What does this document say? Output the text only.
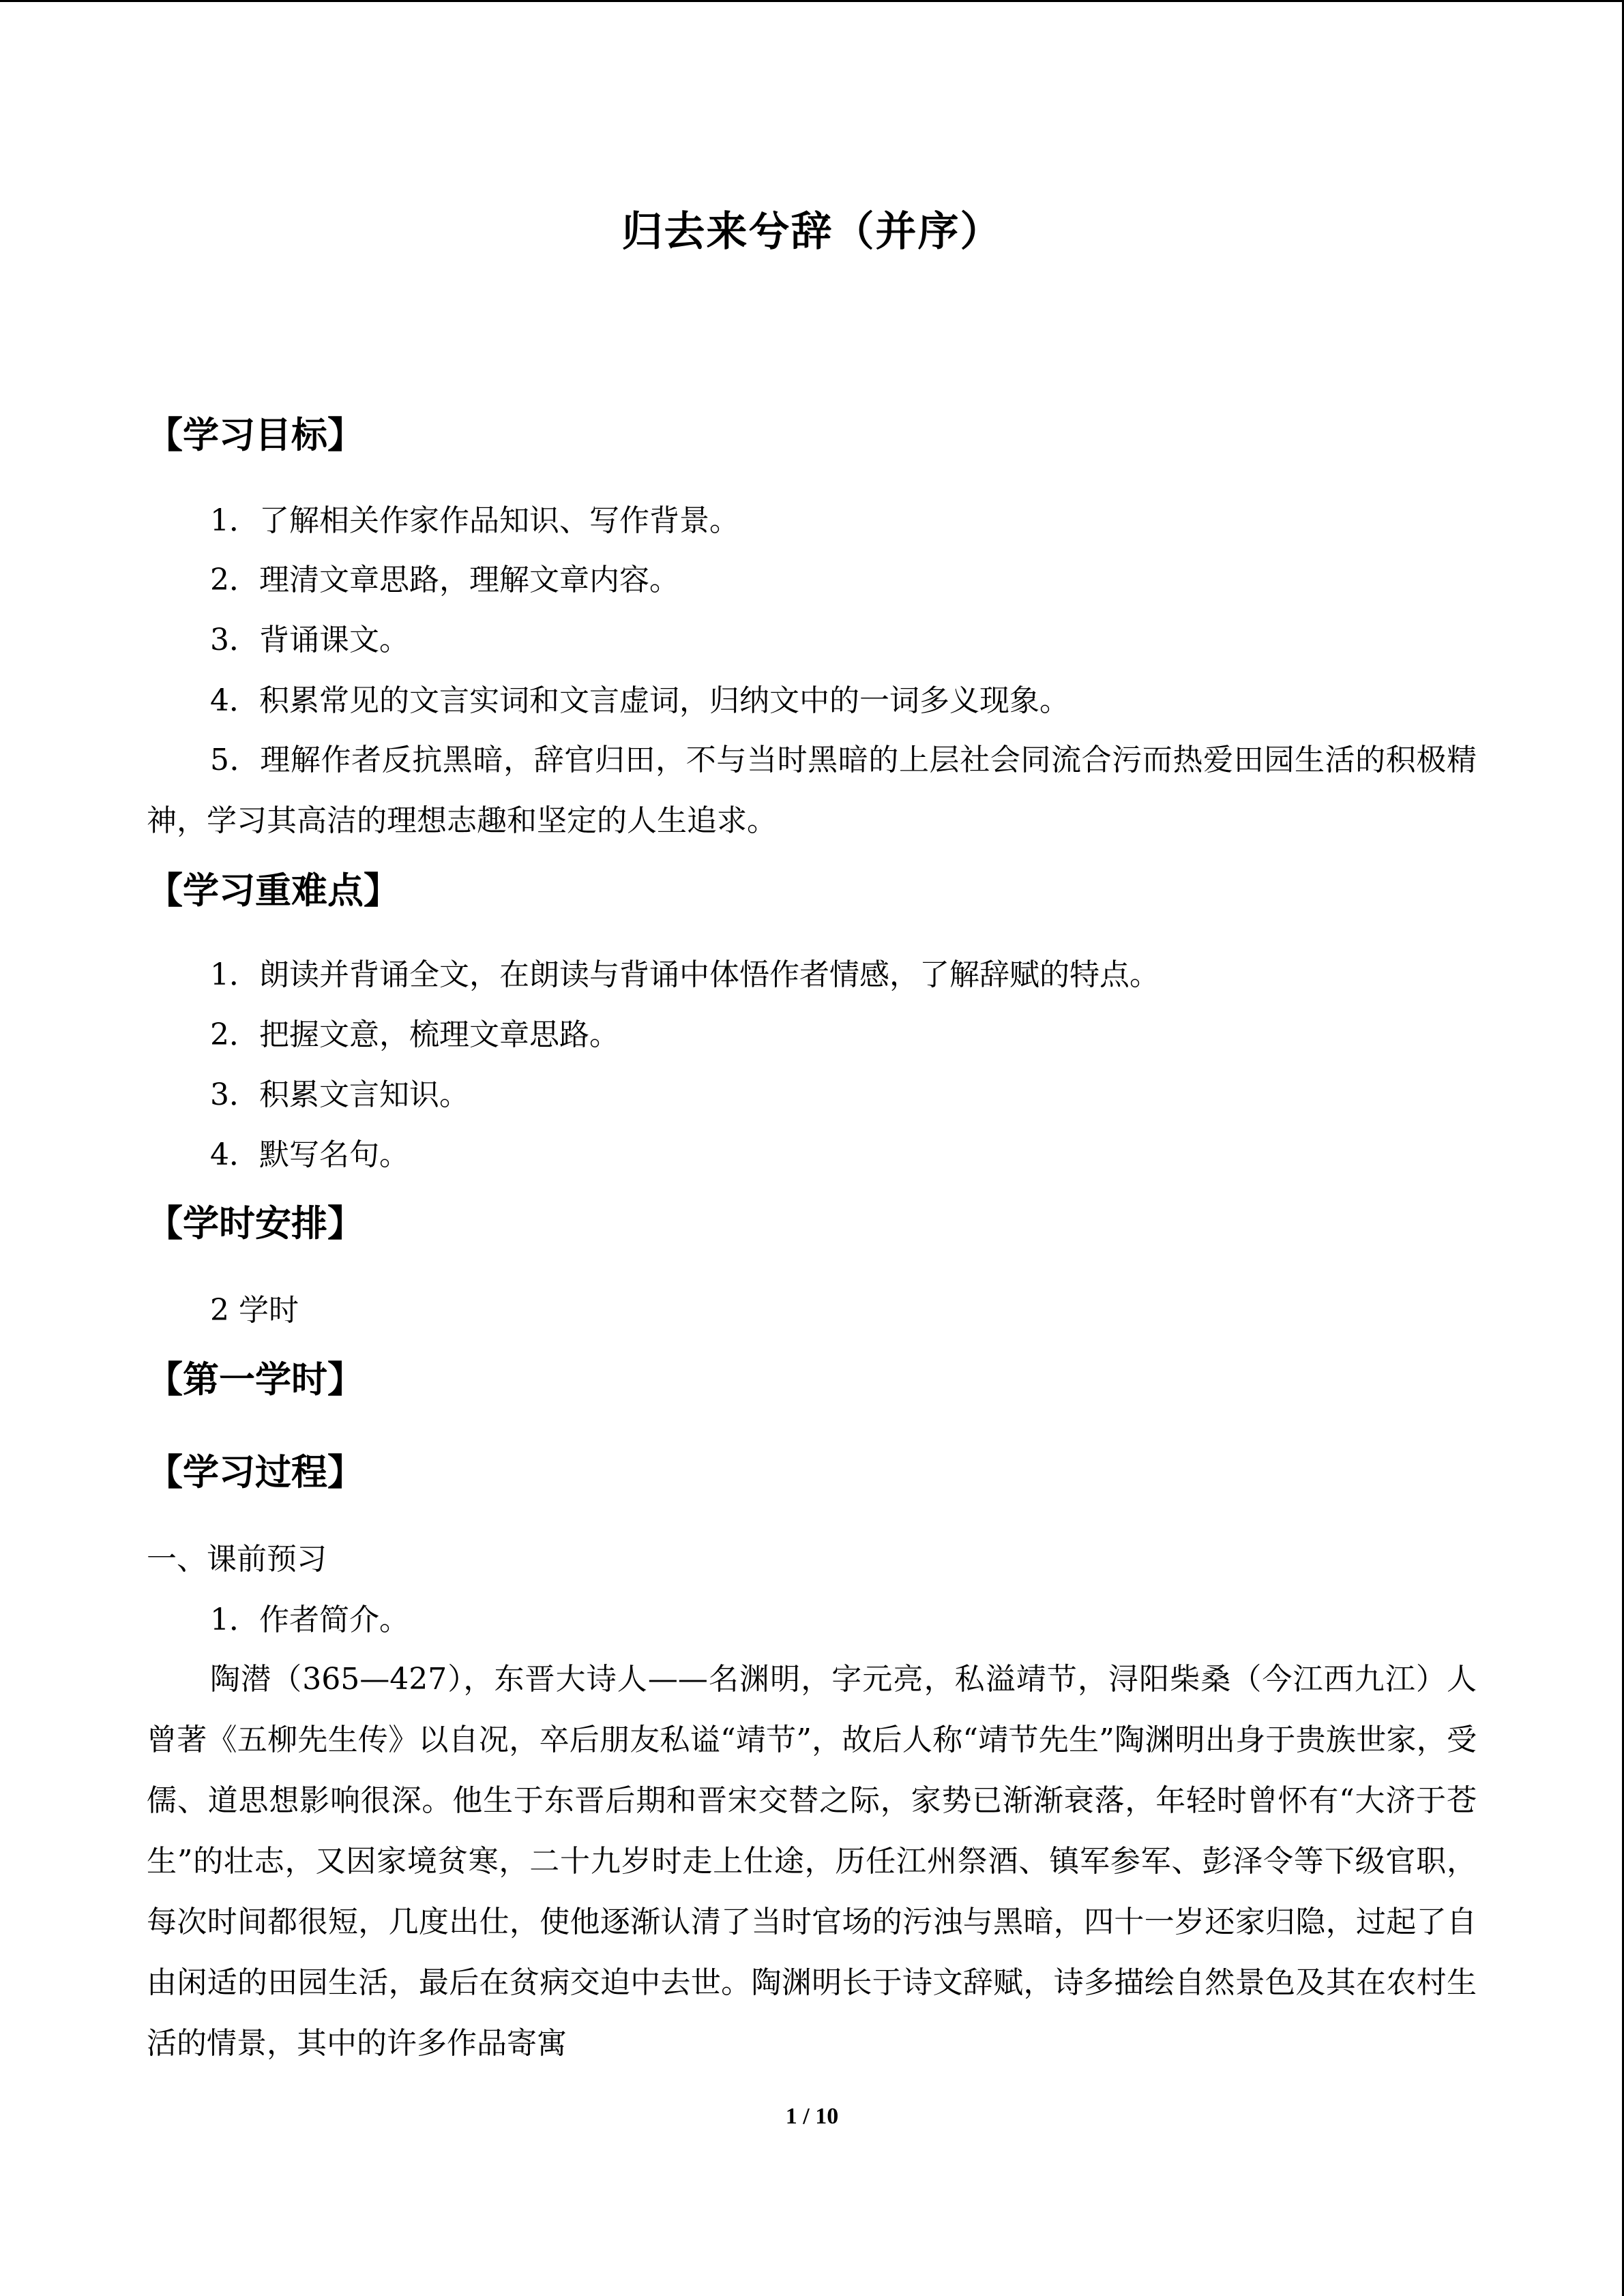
归去来兮辞（并序）
【学习目标】
1．了解相关作家作品知识、写作背景。
2．理清文章思路，理解文章内容。
3．背诵课文。
4．积累常见的文言实词和文言虚词，归纳文中的一词多义现象。
5．理解作者反抗黑暗，辞官归田，不与当时黑暗的上层社会同流合污而热爱田园生活的积极精神，学习其高洁的理想志趣和坚定的人生追求。
【学习重难点】
1．朗读并背诵全文，在朗读与背诵中体悟作者情感，了解辞赋的特点。
2．把握文意，梳理文章思路。
3．积累文言知识。
4．默写名句。
【学时安排】
2 学时
【第一学时】
【学习过程】
一、课前预习
1．作者简介。
陶潜（365—427），东晋大诗人——名渊明，字元亮，私溢靖节，浔阳柴桑（今江西九江）人曾著《五柳先生传》以自况，卒后朋友私谥“靖节”，故后人称“靖节先生”陶渊明出身于贵族世家，受儒、道思想影响很深。他生于东晋后期和晋宋交替之际，家势已渐渐衰落，年轻时曾怀有“大济于苍生”的壮志，又因家境贫寒，二十九岁时走上仕途，历任江州祭酒、镇军参军、彭泽令等下级官职，每次时间都很短，几度出仕，使他逐渐认清了当时官场的污浊与黑暗，四十一岁还家归隐，过起了自由闲适的田园生活，最后在贫病交迫中去世。陶渊明长于诗文辞赋，诗多描绘自然景色及其在农村生活的情景，其中的许多作品寄寓
1 / 10
